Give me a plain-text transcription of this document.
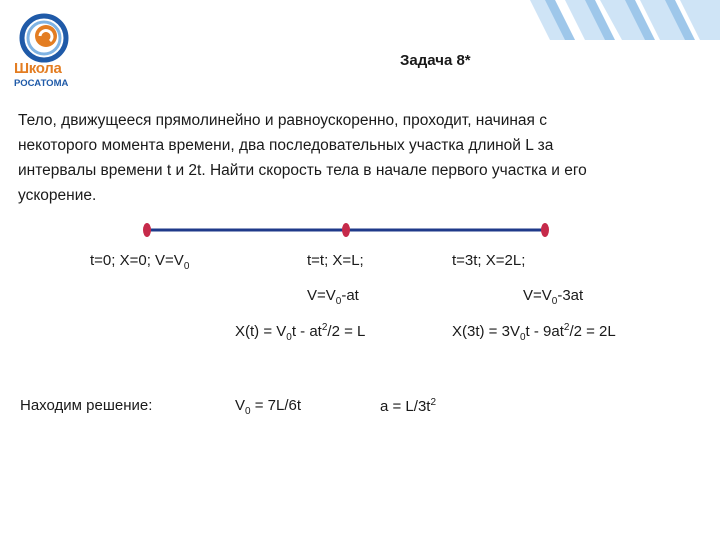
Школа
РОСАТОМА
Задача 8*
Тело, движущееся прямолинейно и равноускоренно, проходит, начиная с
некоторого момента времени, два последовательных участка длиной L за
интервалы времени t и 2t. Найти скорость тела в начале первого участка и его
ускорение.
t=0; X=0; $V=V_0$	t=t; X=L;	t=3t; X=2L;
$V=V_0-at$	$V=V_0-3at$
$X(t) = V_0t - at^2/2 = L$	$X(3t) = 3V_0t - 9at^2/2 = 2L$
Находим решение:	$V_0 = 7L/6t$	$a = L/3t^2$
